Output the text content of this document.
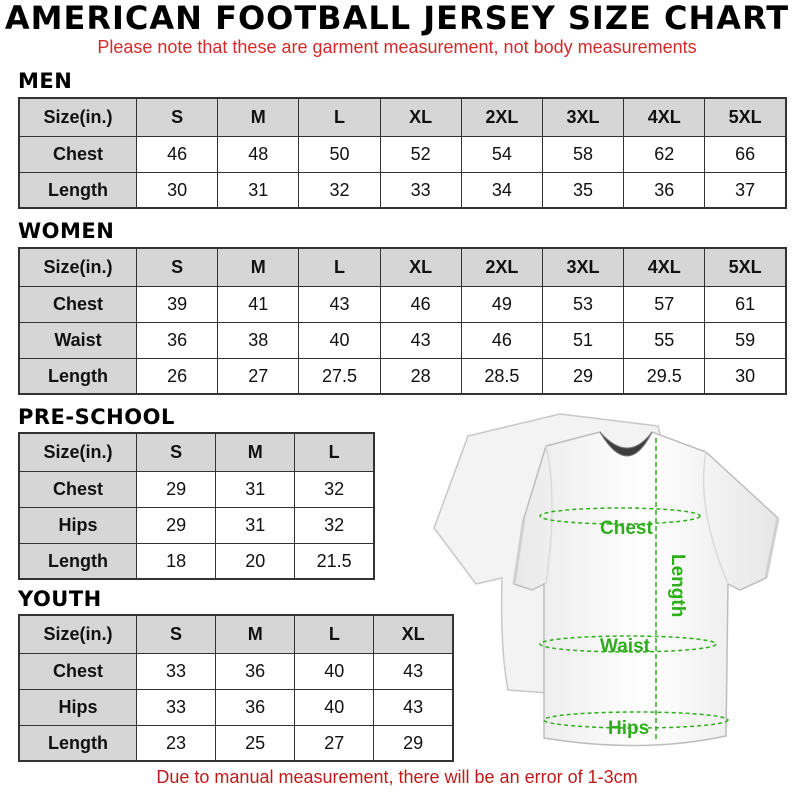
AMERICAN FOOTBALL JERSEY SIZE CHART
Please note that these are garment measurement, not body measurements
MEN
Size(in.)	S	M	L	XL	2XL	3XL	4XL	5XL
Chest	46	48	50	52	54	58	62	66
Length	30	31	32	33	34	35	36	37
WOMEN
Size(in.)	S	M	L	XL	2XL	3XL	4XL	5XL
Chest	39	41	43	46	49	53	57	61
Waist	36	38	40	43	46	51	55	59
Length	26	27	27.5	28	28.5	29	29.5	30
PRE-SCHOOL
Size(in.)	S	M	L
Chest	29	31	32
Hips	29	31	32
Length	18	20	21.5
YOUTH
Size(in.)	S	M	L	XL
Chest	33	36	40	43
Hips	33	36	40	43
Length	23	25	27	29
Chest
Waist
Hips
Length
Due to manual measurement, there will be an error of 1-3cm
